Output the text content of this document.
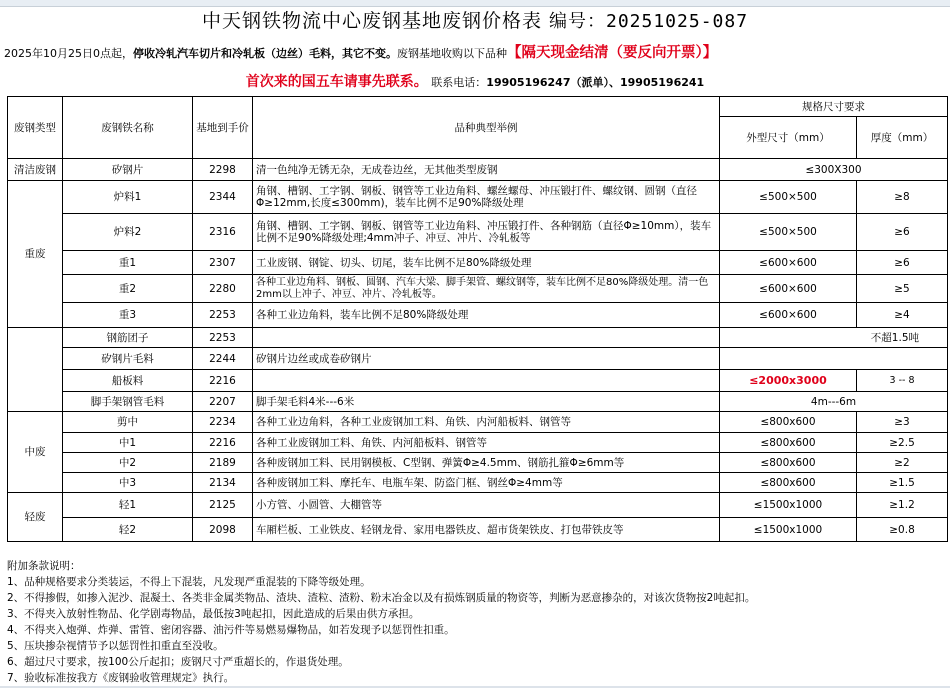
中天钢铁物流中心废钢基地废钢价格表 编号：20251025-087
2025年10月25日0点起，停收冷轧汽车切片和冷轧板（边丝）毛料，其它不变。废钢基地收购以下品种【隔天现金结清（要反向开票）】
首次来的国五车请事先联系。 联系电话：19905196247（派单）、19905196241
废钢类型	废钢铁名称	基地到手价	品种典型举例	规格尺寸要求	
				外型尺寸（mm）	厚度（mm）
清洁废钢	矽钢片	2298	清一色纯净无锈无杂，无成卷边丝，无其他类型废钢	≤300X300	
重废	炉料1	2344	角钢、槽钢、工字钢、钢板、钢管等工业边角料、螺丝螺母、冲压锻打件、螺纹钢、圆钢（直径Φ≥12mm,长度≤300mm)，装车比例不足90%降级处理	≤500×500	≥8
	炉料2	2316	角钢、槽钢、工字钢、钢板、钢管等工业边角料、冲压锻打件、各种钢筋（直径Φ≥10mm），装车比例不足90%降级处理;4mm冲子、冲豆、冲片、冷轧板等	≤500×500	≥6
	重1	2307	工业废钢、钢锭、切头、切尾，装车比例不足80%降级处理	≤600×600	≥6
	重2	2280	各种工业边角料、钢板、圆钢、汽车大梁、脚手架管、螺纹钢等，装车比例不足80%降级处理。清一色2mm以上冲子、冲豆、冲片、冷轧板等。	≤600×600	≥5
	重3	2253	各种工业边角料，装车比例不足80%降级处理	≤600×600	≥4
	钢筋团子	2253		不超1.5吨	
	矽钢片毛料	2244	矽钢片边丝或成卷矽钢片		
	船板料	2216		≤2000x3000	3 -- 8
	脚手架钢管毛料	2207	脚手架毛料4米---6米	4m---6m	
中废	剪中	2234	各种工业边角料，各种工业废钢加工料、角铁、内河船板料、钢管等	≤800x600	≥3
	中1	2216	各种工业废钢加工料、角铁、内河船板料、钢管等	≤800x600	≥2.5
	中2	2189	各种废钢加工料、民用钢模板、C型钢、弹簧Φ≥4.5mm、钢筋扎箍Φ≥6mm等	≤800x600	≥2
	中3	2134	各种废钢加工料、摩托车、电瓶车架、防盗门框、钢丝Φ≥4mm等	≤800x600	≥1.5
轻废	轻1	2125	小方管、小圆管、大棚管等	≤1500x1000	≥1.2
	轻2	2098	车厢栏板、工业铁皮、轻钢龙骨、家用电器铁皮、超市货架铁皮、打包带铁皮等	≤1500x1000	≥0.8
附加条款说明：
1、品种规格要求分类装运，不得上下混装，凡发现严重混装的下降等级处理。
2、不得掺假，如掺入泥沙、混凝土、各类非金属类物品、渣块、渣粒、渣粉、粉末冶金以及有损炼钢质量的物资等，判断为恶意掺杂的，对该次货物按2吨起扣。
3、不得夹入放射性物品、化学剧毒物品，最低按3吨起扣，因此造成的后果由供方承担。
4、不得夹入炮弹、炸弹、雷管、密闭容器、油污件等易燃易爆物品，如若发现予以惩罚性扣重。
5、压块掺杂视情节予以惩罚性扣重直至没收。
6、超过尺寸要求，按100公斤起扣；废钢尺寸严重超长的，作退货处理。
7、验收标准按我方《废钢验收管理规定》执行。
